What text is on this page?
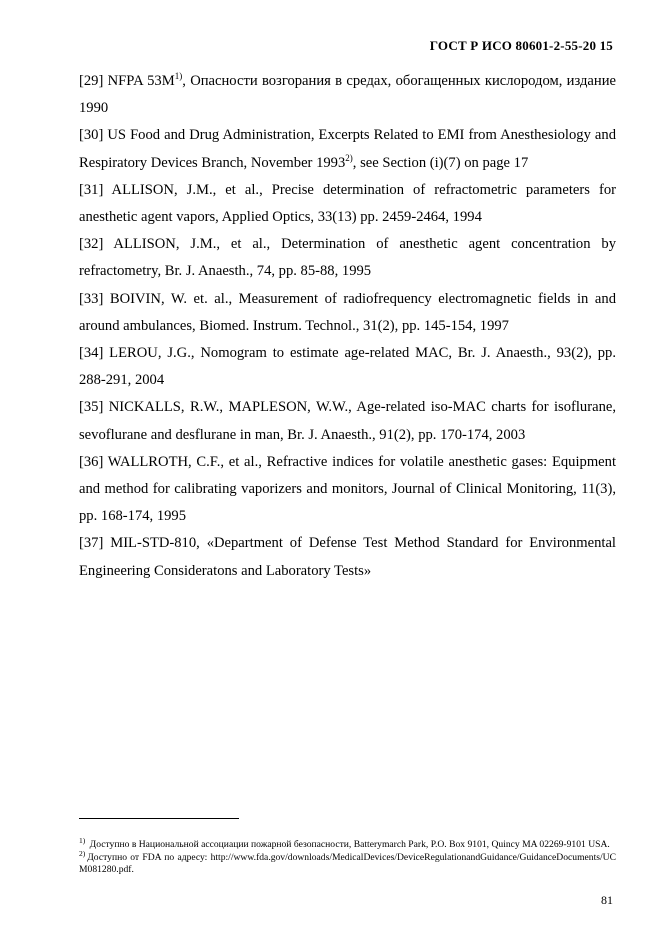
ГОСТ Р ИСО 80601-2-55-20 15

[29] NFPA $53M^{1)}$, Опасности возгорания в средах, обогащенных кислородом, издание 1990

[30] US Food and Drug Administration, Excerpts Related to EMI from Anesthesiology and Respiratory Devices Branch, November 1993$^{2)}$, see Section (i)(7) on page 17

[31] ALLISON, J.M., et al., Precise determination of refractometric parameters for anesthetic agent vapors, Applied Optics, 33(13) pp. 2459-2464, 1994

[32] ALLISON, J.M., et al., Determination of anesthetic agent concentration by refractometry, Br. J. Anaesth., 74, pp. 85-88, 1995

[33] BOIVIN, W. et. al., Measurement of radiofrequency electromagnetic fields in and around ambulances, Biomed. Instrum. Technol., 31(2), pp. 145-154, 1997

[34] LEROU, J.G., Nomogram to estimate age-related MAC, Br. J. Anaesth., 93(2), pp. 288-291, 2004

[35] NICKALLS, R.W., MAPLESON, W.W., Age-related iso-MAC charts for isoflurane, sevoflurane and desflurane in man, Br. J. Anaesth., 91(2), pp. 170-174, 2003

[36] WALLROTH, C.F., et al., Refractive indices for volatile anesthetic gases: Equipment and method for calibrating vaporizers and monitors, Journal of Clinical Monitoring, 11(3), pp. 168-174, 1995

[37] MIL-STD-810, «Department of Defense Test Method Standard for Environmental Engineering Consideratons and Laboratory Tests»

$^{1)}$ Доступно в Национальной ассоциации пожарной безопасности, Batterymarch Park, P.O. Box 9101, Quincy MA 02269-9101 USA.

$^{2)}$ Доступно от FDA по адресу: http://www.fda.gov/downloads/MedicalDevices/DeviceRegulationandGuidance/GuidanceDocuments/UCM081280.pdf.

81
